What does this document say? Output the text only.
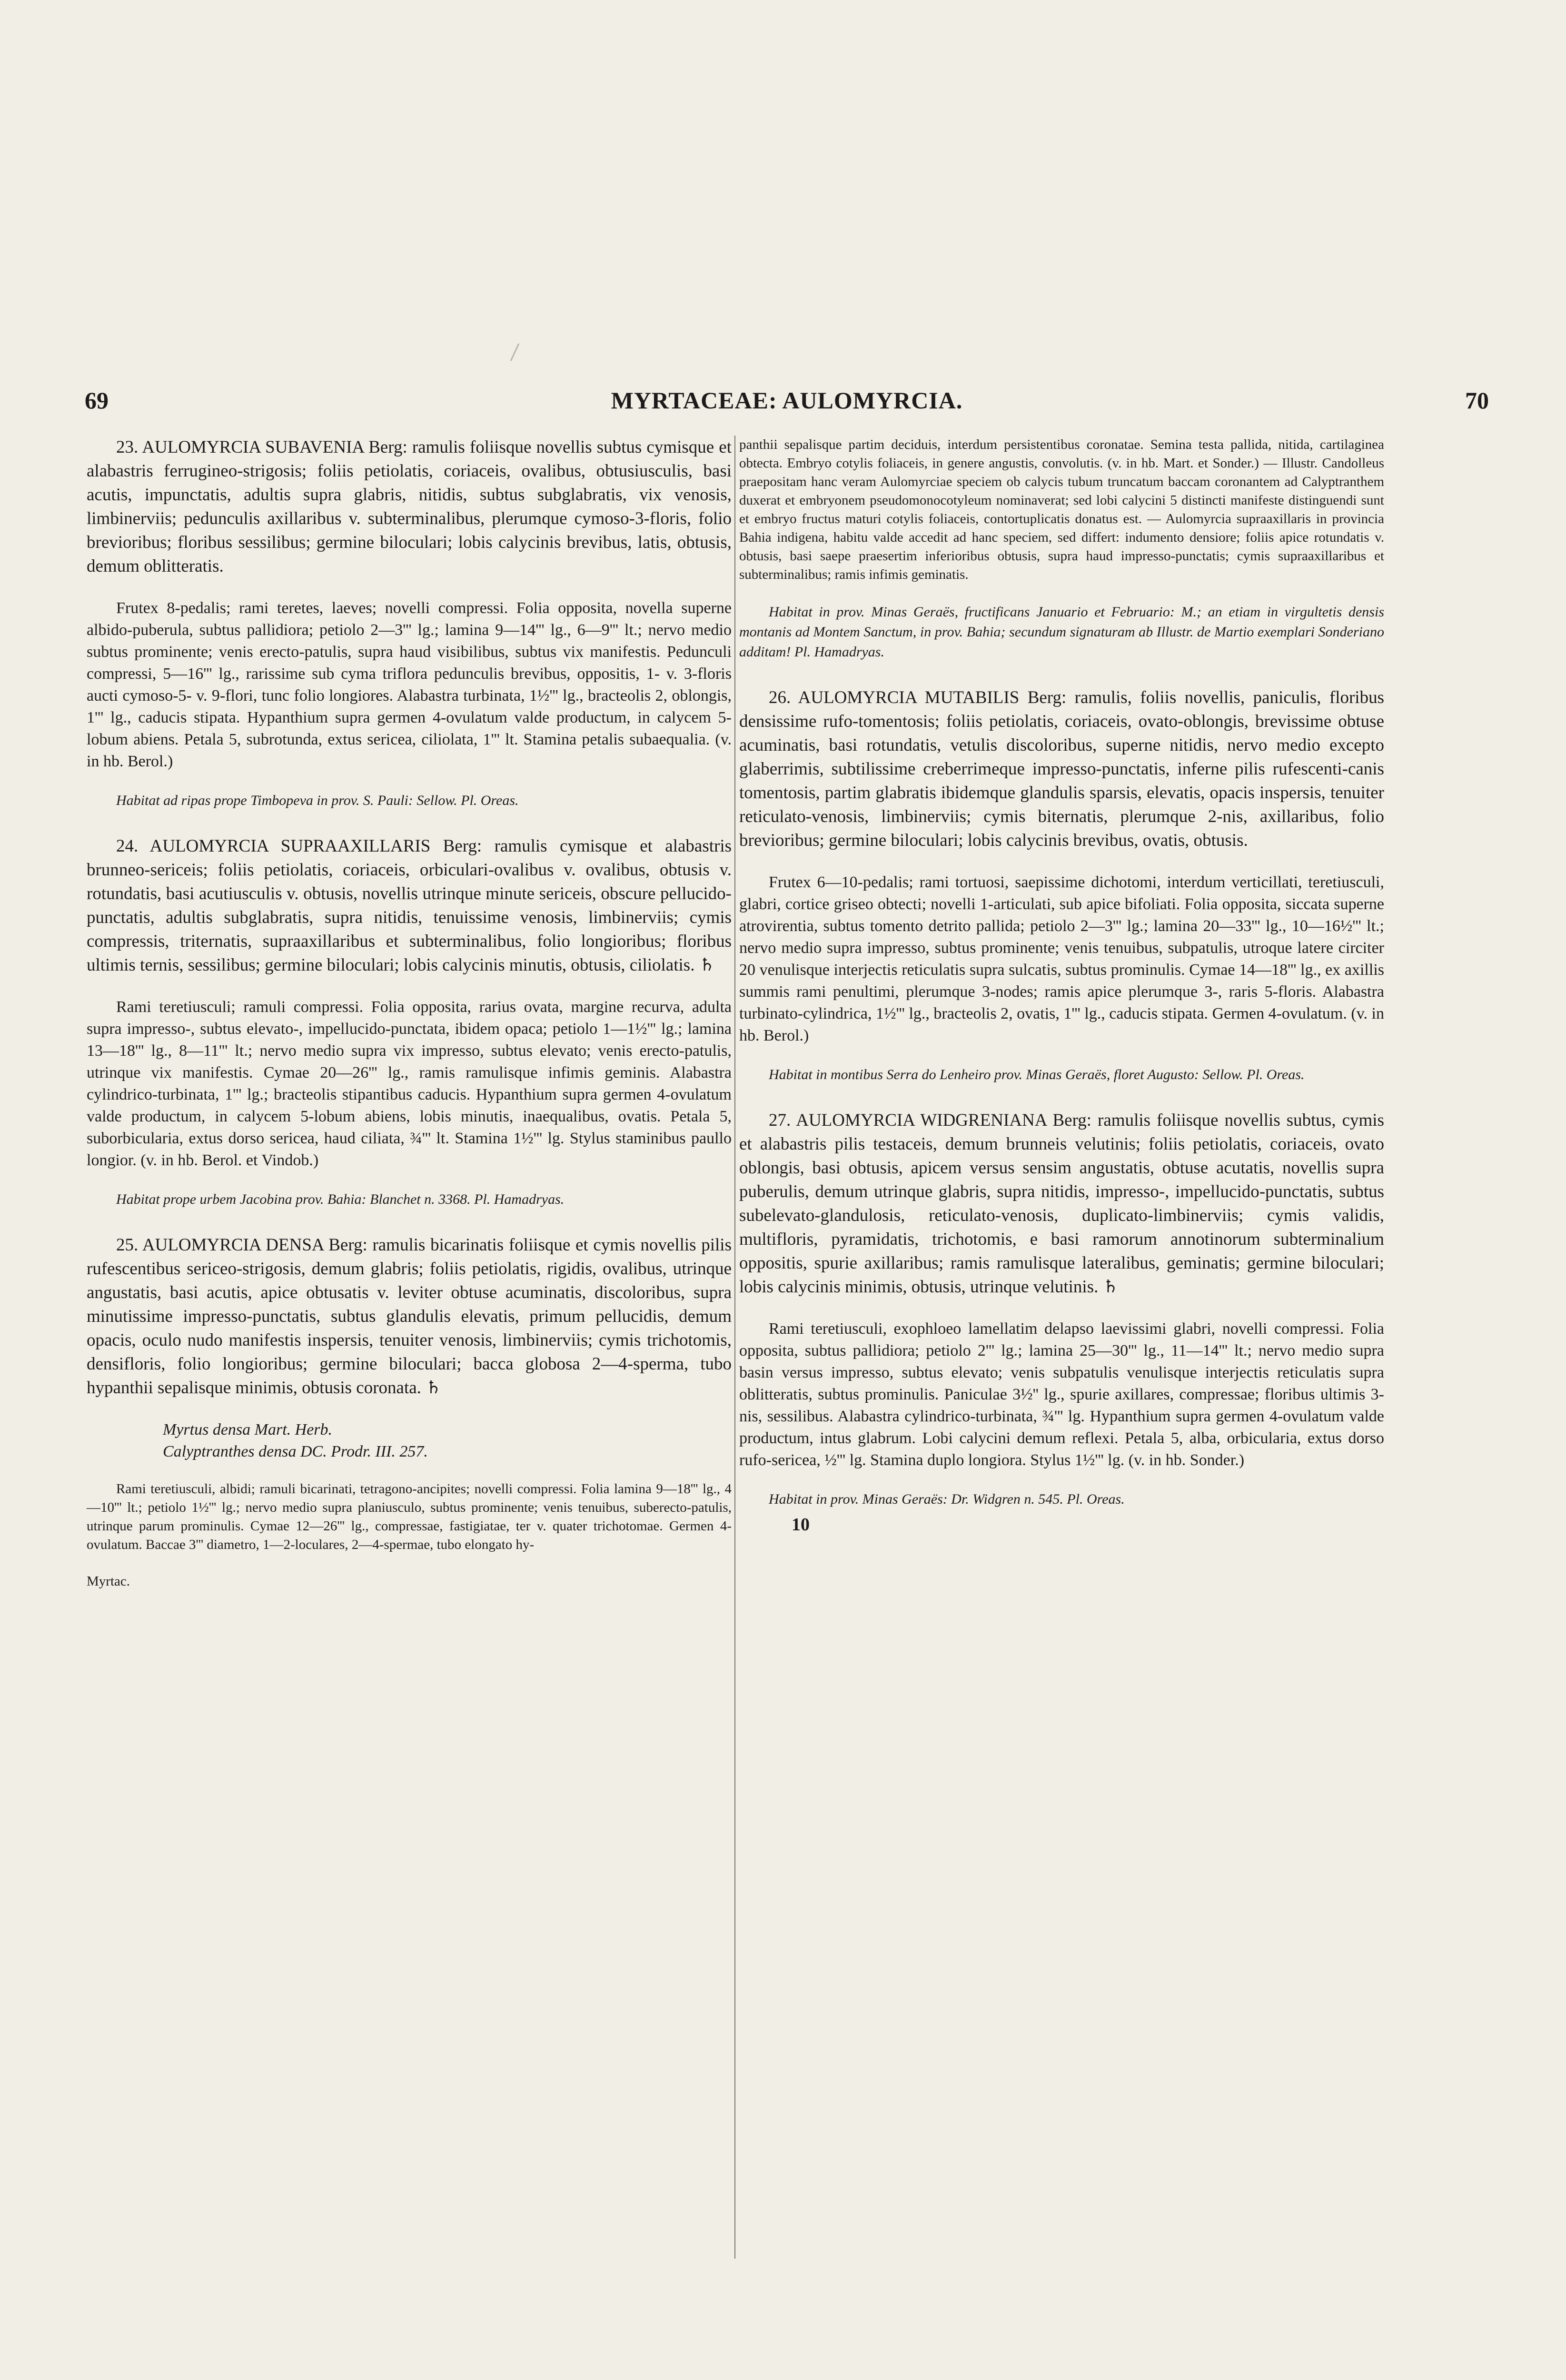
69	MYRTACEAE: AULOMYRCIA.	70

23. AULOMYRCIA SUBAVENIA Berg: ramulis foliisque novellis subtus cymisque et alabastris ferrugineo-strigosis; foliis petiolatis, coriaceis, ovalibus, obtusiusculis, basi acutis, impunctatis, adultis supra glabris, nitidis, subtus subglabratis, vix venosis, limbinerviis; pedunculis axillaribus v. subterminalibus, plerumque cymoso-3-floris, folio brevioribus; floribus sessilibus; germine biloculari; lobis calycinis brevibus, latis, obtusis, demum oblitteratis.

Frutex 8-pedalis; rami teretes, laeves; novelli compressi. Folia opposita, novella superne albido-puberula, subtus pallidiora; petiolo 2—3''' lg.; lamina 9—14''' lg., 6—9''' lt.; nervo medio subtus prominente; venis erecto-patulis, supra haud visibilibus, subtus vix manifestis. Pedunculi compressi, 5—16''' lg., rarissime sub cyma triflora pedunculis brevibus, oppositis, 1- v. 3-floris aucti cymoso-5- v. 9-flori, tunc folio longiores. Alabastra turbinata, 1½''' lg., bracteolis 2, oblongis, 1''' lg., caducis stipata. Hypanthium supra germen 4-ovulatum valde productum, in calycem 5-lobum abiens. Petala 5, subrotunda, extus sericea, ciliolata, 1''' lt. Stamina petalis subaequalia. (v. in hb. Berol.)

Habitat ad ripas prope Timbopeva in prov. S. Pauli: Sellow. Pl. Oreas.

24. AULOMYRCIA SUPRAAXILLARIS Berg: ramulis cymisque et alabastris brunneo-sericeis; foliis petiolatis, coriaceis, orbiculari-ovalibus v. ovalibus, obtusis v. rotundatis, basi acutiusculis v. obtusis, novellis utrinque minute sericeis, obscure pellucido-punctatis, adultis subglabratis, supra nitidis, tenuissime venosis, limbinerviis; cymis compressis, triternatis, supraaxillaribus et subterminalibus, folio longioribus; floribus ultimis ternis, sessilibus; germine biloculari; lobis calycinis minutis, obtusis, ciliolatis. ♄

Rami teretiusculi; ramuli compressi. Folia opposita, rarius ovata, margine recurva, adulta supra impresso-, subtus elevato-, impellucido-punctata, ibidem opaca; petiolo 1—1½''' lg.; lamina 13—18''' lg., 8—11''' lt.; nervo medio supra vix impresso, subtus elevato; venis erecto-patulis, utrinque vix manifestis. Cymae 20—26''' lg., ramis ramulisque infimis geminis. Alabastra cylindrico-turbinata, 1''' lg.; bracteolis stipantibus caducis. Hypanthium supra germen 4-ovulatum valde productum, in calycem 5-lobum abiens, lobis minutis, inaequalibus, ovatis. Petala 5, suborbicularia, extus dorso sericea, haud ciliata, ¾''' lt. Stamina 1½''' lg. Stylus staminibus paullo longior. (v. in hb. Berol. et Vindob.)

Habitat prope urbem Jacobina prov. Bahia: Blanchet n. 3368. Pl. Hamadryas.

25. AULOMYRCIA DENSA Berg: ramulis bicarinatis foliisque et cymis novellis pilis rufescentibus sericeo-strigosis, demum glabris; foliis petiolatis, rigidis, ovalibus, utrinque angustatis, basi acutis, apice obtusatis v. leviter obtuse acuminatis, discoloribus, supra minutissime impresso-punctatis, subtus glandulis elevatis, primum pellucidis, demum opacis, oculo nudo manifestis inspersis, tenuiter venosis, limbinerviis; cymis trichotomis, densifloris, folio longioribus; germine biloculari; bacca globosa 2—4-sperma, tubo hypanthii sepalisque minimis, obtusis coronata. ♄

Myrtus densa Mart. Herb.

Calyptranthes densa DC. Prodr. III. 257.

Rami teretiusculi, albidi; ramuli bicarinati, tetragono-ancipites; novelli compressi. Folia lamina 9—18''' lg., 4—10''' lt.; petiolo 1½''' lg.; nervo medio supra planiusculo, subtus prominente; venis tenuibus, suberecto-patulis, utrinque parum prominulis. Cymae 12—26''' lg., compressae, fastigiatae, ter v. quater trichotomae. Germen 4-ovulatum. Baccae 3''' diametro, 1—2-loculares, 2—4-spermae, tubo elongato hy-

Myrtac.

panthii sepalisque partim deciduis, interdum persistentibus coronatae. Semina testa pallida, nitida, cartilaginea obtecta. Embryo cotylis foliaceis, in genere angustis, convolutis. (v. in hb. Mart. et Sonder.) — Illustr. Candolleus praepositam hanc veram Aulomyrciae speciem ob calycis tubum truncatum baccam coronantem ad Calyptranthem duxerat et embryonem pseudomonocotyleum nominaverat; sed lobi calycini 5 distincti manifeste distinguendi sunt et embryo fructus maturi cotylis foliaceis, contortuplicatis donatus est. — Aulomyrcia supraaxillaris in provincia Bahia indigena, habitu valde accedit ad hanc speciem, sed differt: indumento densiore; foliis apice rotundatis v. obtusis, basi saepe praesertim inferioribus obtusis, supra haud impresso-punctatis; cymis supraaxillaribus et subterminalibus; ramis infimis geminatis.

Habitat in prov. Minas Geraës, fructificans Januario et Februario: M.; an etiam in virgultetis densis montanis ad Montem Sanctum, in prov. Bahia; secundum signaturam ab Illustr. de Martio exemplari Sonderiano additam! Pl. Hamadryas.

26. AULOMYRCIA MUTABILIS Berg: ramulis, foliis novellis, paniculis, floribus densissime rufo-tomentosis; foliis petiolatis, coriaceis, ovato-oblongis, brevissime obtuse acuminatis, basi rotundatis, vetulis discoloribus, superne nitidis, nervo medio excepto glaberrimis, subtilissime creberrimeque impresso-punctatis, inferne pilis rufescenti-canis tomentosis, partim glabratis ibidemque glandulis sparsis, elevatis, opacis inspersis, tenuiter reticulato-venosis, limbinerviis; cymis biternatis, plerumque 2-nis, axillaribus, folio brevioribus; germine biloculari; lobis calycinis brevibus, ovatis, obtusis.

Frutex 6—10-pedalis; rami tortuosi, saepissime dichotomi, interdum verticillati, teretiusculi, glabri, cortice griseo obtecti; novelli 1-articulati, sub apice bifoliati. Folia opposita, siccata superne atrovirentia, subtus tomento detrito pallida; petiolo 2—3''' lg.; lamina 20—33''' lg., 10—16½''' lt.; nervo medio supra impresso, subtus prominente; venis tenuibus, subpatulis, utroque latere circiter 20 venulisque interjectis reticulatis supra sulcatis, subtus prominulis. Cymae 14—18''' lg., ex axillis summis rami penultimi, plerumque 3-nodes; ramis apice plerumque 3-, raris 5-floris. Alabastra turbinato-cylindrica, 1½''' lg., bracteolis 2, ovatis, 1''' lg., caducis stipata. Germen 4-ovulatum. (v. in hb. Berol.)

Habitat in montibus Serra do Lenheiro prov. Minas Geraës, floret Augusto: Sellow. Pl. Oreas.

27. AULOMYRCIA WIDGRENIANA Berg: ramulis foliisque novellis subtus, cymis et alabastris pilis testaceis, demum brunneis velutinis; foliis petiolatis, coriaceis, ovato oblongis, basi obtusis, apicem versus sensim angustatis, obtuse acutatis, novellis supra puberulis, demum utrinque glabris, supra nitidis, impresso-, impellucido-punctatis, subtus subelevato-glandulosis, reticulato-venosis, duplicato-limbinerviis; cymis validis, multifloris, pyramidatis, trichotomis, e basi ramorum annotinorum subterminalium oppositis, spurie axillaribus; ramis ramulisque lateralibus, geminatis; germine biloculari; lobis calycinis minimis, obtusis, utrinque velutinis. ♄

Rami teretiusculi, exophloeo lamellatim delapso laevissimi glabri, novelli compressi. Folia opposita, subtus pallidiora; petiolo 2''' lg.; lamina 25—30''' lg., 11—14''' lt.; nervo medio supra basin versus impresso, subtus elevato; venis subpatulis venulisque interjectis reticulatis supra oblitteratis, subtus prominulis. Paniculae 3½'' lg., spurie axillares, compressae; floribus ultimis 3-nis, sessilibus. Alabastra cylindrico-turbinata, ¾''' lg. Hypanthium supra germen 4-ovulatum valde productum, intus glabrum. Lobi calycini demum reflexi. Petala 5, alba, orbicularia, extus dorso rufo-sericea, ½''' lg. Stamina duplo longiora. Stylus 1½''' lg. (v. in hb. Sonder.)

Habitat in prov. Minas Geraës: Dr. Widgren n. 545. Pl. Oreas.

10
